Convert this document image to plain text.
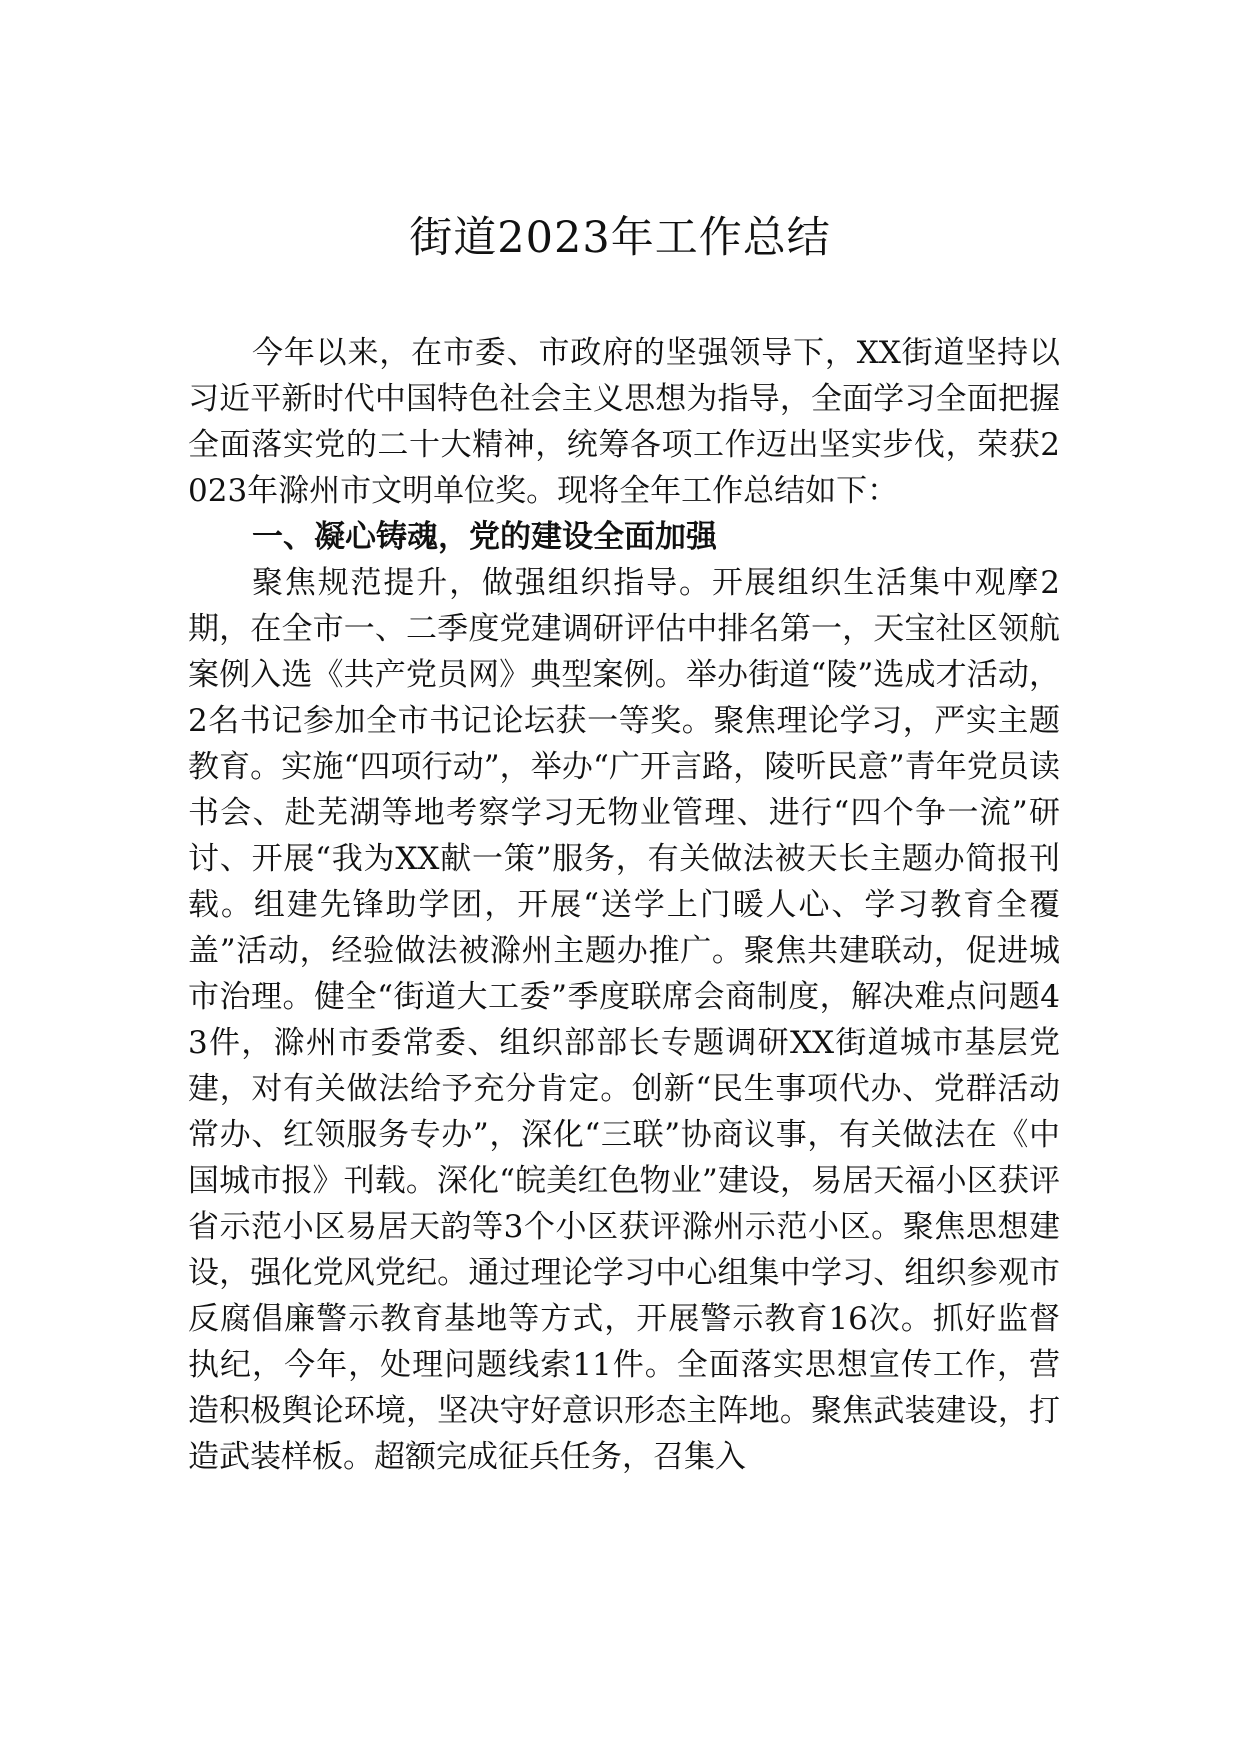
街道2023年工作总结

今年以来，在市委、市政府的坚强领导下，XX街道坚持以习近平新时代中国特色社会主义思想为指导，全面学习全面把握全面落实党的二十大精神，统筹各项工作迈出坚实步伐，荣获2023年滁州市文明单位奖。现将全年工作总结如下：

一、凝心铸魂，党的建设全面加强

聚焦规范提升，做强组织指导。开展组织生活集中观摩2期，在全市一、二季度党建调研评估中排名第一，天宝社区领航案例入选《共产党员网》典型案例。举办街道“陵”选成才活动，2名书记参加全市书记论坛获一等奖。聚焦理论学习，严实主题教育。实施“四项行动”，举办“广开言路，陵听民意”青年党员读书会、赴芜湖等地考察学习无物业管理、进行“四个争一流”研讨、开展“我为XX献一策”服务，有关做法被天长主题办简报刊载。组建先锋助学团，开展“送学上门暖人心、学习教育全覆盖”活动，经验做法被滁州主题办推广。聚焦共建联动，促进城市治理。健全“街道大工委”季度联席会商制度，解决难点问题43件，滁州市委常委、组织部部长专题调研XX街道城市基层党建，对有关做法给予充分肯定。创新“民生事项代办、党群活动常办、红领服务专办”，深化“三联”协商议事，有关做法在《中国城市报》刊载。深化“皖美红色物业”建设，易居天福小区获评省示范小区易居天韵等3个小区获评滁州示范小区。聚焦思想建设，强化党风党纪。通过理论学习中心组集中学习、组织参观市反腐倡廉警示教育基地等方式，开展警示教育16次。抓好监督执纪，今年，处理问题线索11件。全面落实思想宣传工作，营造积极舆论环境，坚决守好意识形态主阵地。聚焦武装建设，打造武装样板。超额完成征兵任务，召集入
